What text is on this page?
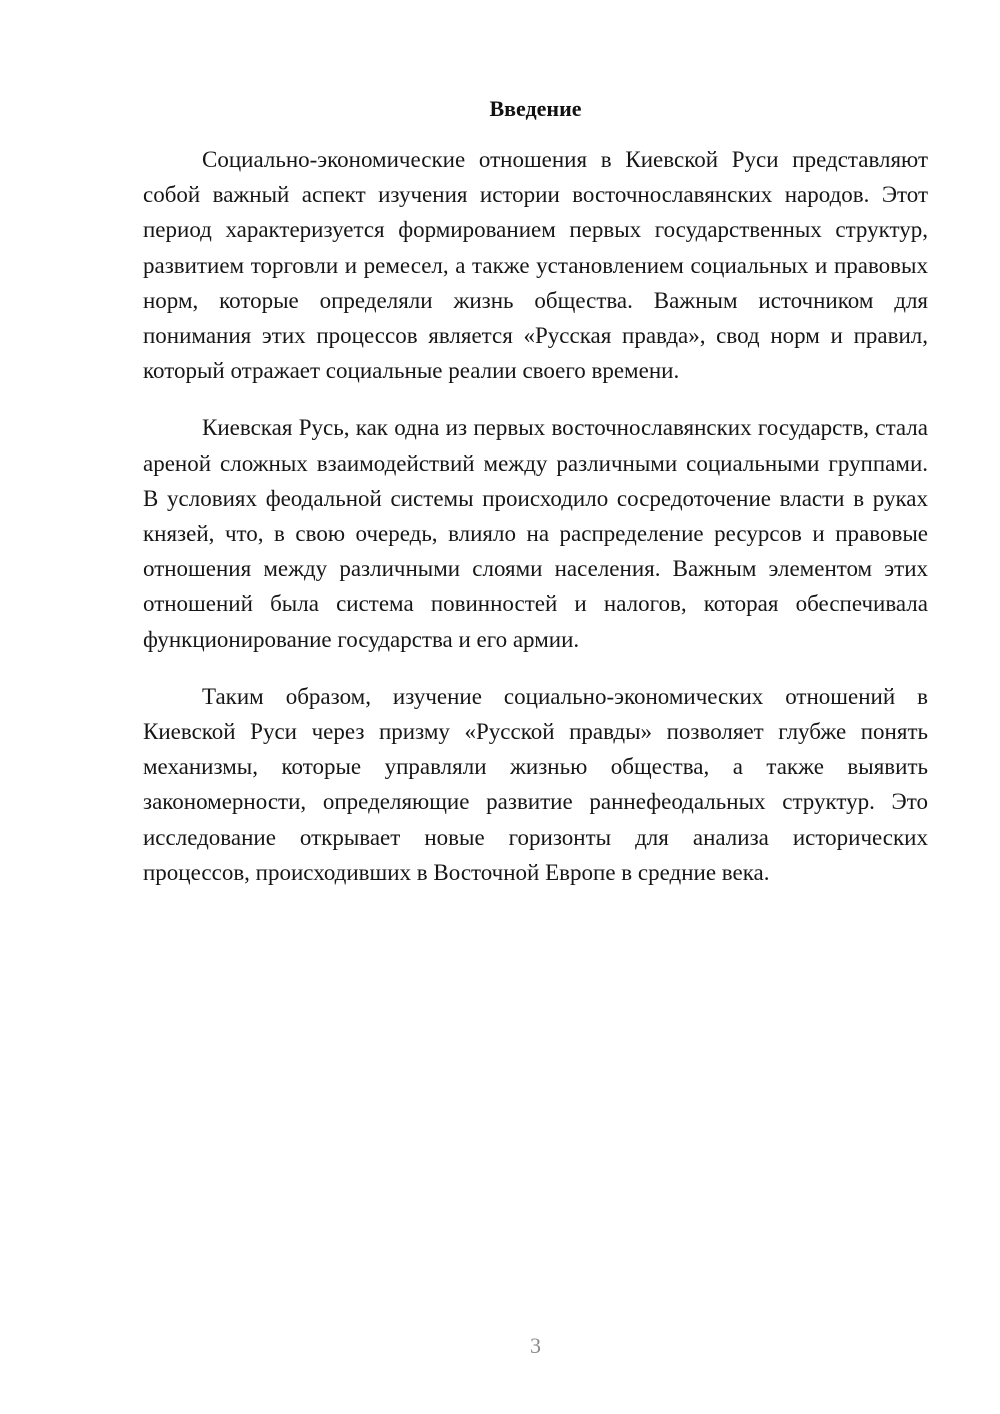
Введение

Социально-экономические отношения в Киевской Руси представляют собой важный аспект изучения истории восточнославянских народов. Этот период характеризуется формированием первых государственных структур, развитием торговли и ремесел, а также установлением социальных и правовых норм, которые определяли жизнь общества. Важным источником для понимания этих процессов является «Русская правда», свод норм и правил, который отражает социальные реалии своего времени.

Киевская Русь, как одна из первых восточнославянских государств, стала ареной сложных взаимодействий между различными социальными группами. В условиях феодальной системы происходило сосредоточение власти в руках князей, что, в свою очередь, влияло на распределение ресурсов и правовые отношения между различными слоями населения. Важным элементом этих отношений была система повинностей и налогов, которая обеспечивала функционирование государства и его армии.

Таким образом, изучение социально-экономических отношений в Киевской Руси через призму «Русской правды» позволяет глубже понять механизмы, которые управляли жизнью общества, а также выявить закономерности, определяющие развитие раннефеодальных структур. Это исследование открывает новые горизонты для анализа исторических процессов, происходивших в Восточной Европе в средние века.

3
